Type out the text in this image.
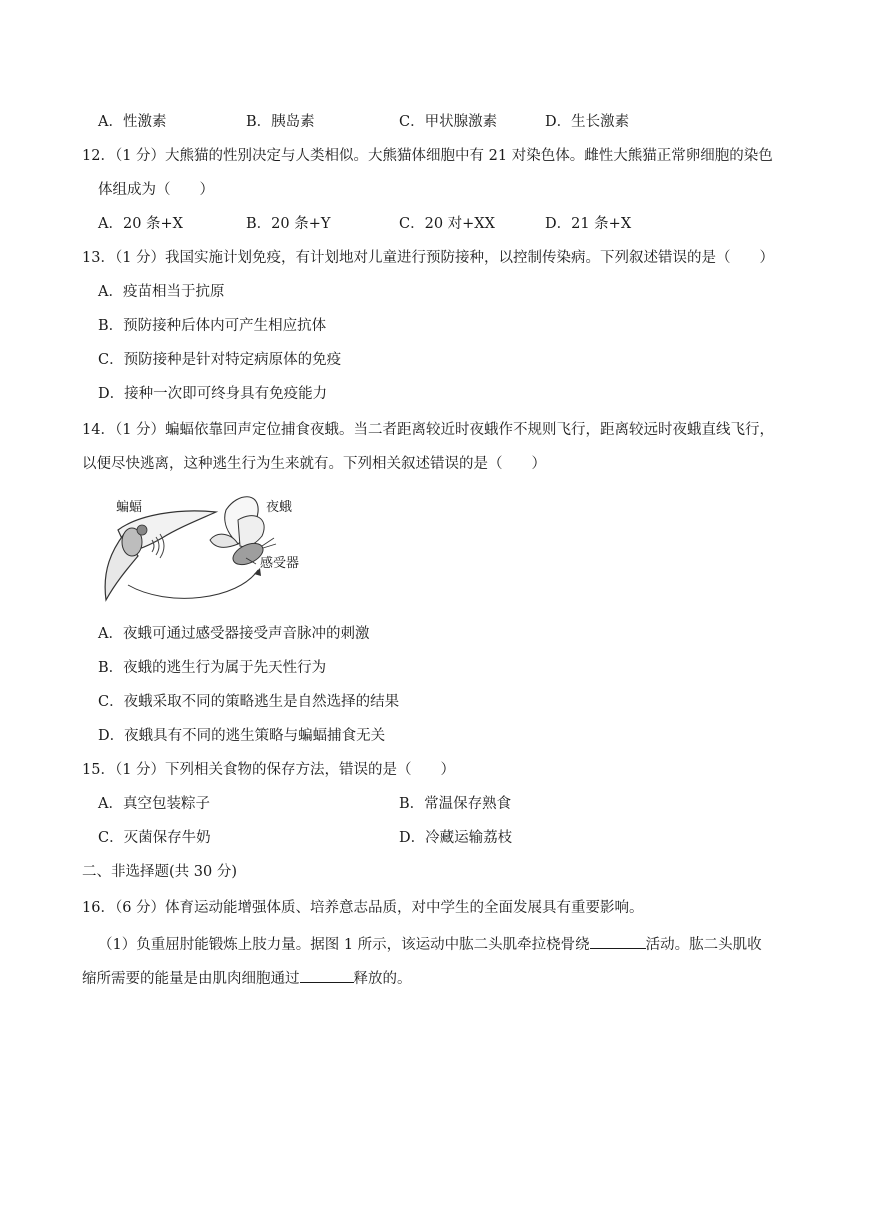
A．性激素	B．胰岛素	C．甲状腺激素	D．生长激素
12．（1 分）大熊猫的性别决定与人类相似。大熊猫体细胞中有 21 对染色体。雌性大熊猫正常卵细胞的染色
体组成为（　　）
A．20 条+X	B．20 条+Y	C．20 对+XX	D．21 条+X
13．（1 分）我国实施计划免疫，有计划地对儿童进行预防接种，以控制传染病。下列叙述错误的是（　　）
A．疫苗相当于抗原
B．预防接种后体内可产生相应抗体
C．预防接种是针对特定病原体的免疫
D．接种一次即可终身具有免疫能力
14．（1 分）蝙蝠依靠回声定位捕食夜蛾。当二者距离较近时夜蛾作不规则飞行，距离较远时夜蛾直线飞行，
以便尽快逃离，这种逃生行为生来就有。下列相关叙述错误的是（　　）
蝙蝠	夜蛾
感受器
A．夜蛾可通过感受器接受声音脉冲的刺激
B．夜蛾的逃生行为属于先天性行为
C．夜蛾采取不同的策略逃生是自然选择的结果
D．夜蛾具有不同的逃生策略与蝙蝠捕食无关
15．（1 分）下列相关食物的保存方法，错误的是（　　）
A．真空包装粽子	B．常温保存熟食
C．灭菌保存牛奶	D．冷藏运输荔枝
二、非选择题(共 30 分)
16．（6 分）体育运动能增强体质、培养意志品质，对中学生的全面发展具有重要影响。
（1）负重屈肘能锻炼上肢力量。据图 1 所示，该运动中肱二头肌牵拉桡骨绕	活动。肱二头肌收
缩所需要的能量是由肌肉细胞通过	释放的。
